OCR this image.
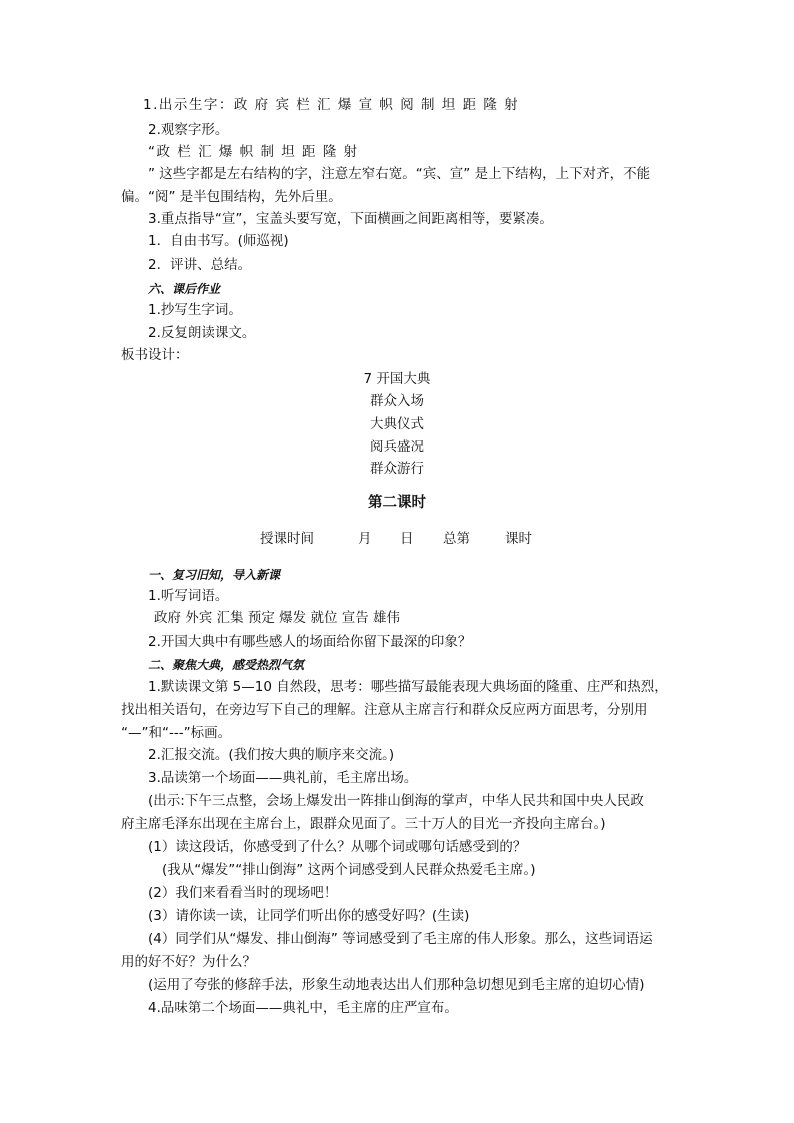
1.出示生字：政 府 宾 栏 汇 爆 宣 帜 阅 制 坦 距 隆 射
2.观察字形。
“政 栏 汇 爆 帜 制 坦 距 隆 射
” 这些字都是左右结构的字，注意左窄右宽。“宾、宣” 是上下结构，上下对齐，不能
偏。“阅” 是半包围结构，先外后里。
3.重点指导“宣”，宝盖头要写宽，下面横画之间距离相等，要紧凑。
1．自由书写。(师巡视)
2．评讲、总结。
六、课后作业
1.抄写生字词。
2.反复朗读课文。
板书设计：
7 开国大典
群众入场
大典仪式
阅兵盛况
群众游行
第二课时
授课时间	月 日 总第	课时
一、复习旧知，导入新课
1.听写词语。
政府 外宾 汇集 预定 爆发 就位 宣告 雄伟
2.开国大典中有哪些感人的场面给你留下最深的印象？
二、聚焦大典，感受热烈气氛
1.默读课文第 5—10 自然段，思考：哪些描写最能表现大典场面的隆重、庄严和热烈，
找出相关语句，在旁边写下自己的理解。注意从主席言行和群众反应两方面思考，分别用
“—”和“---”标画。
2.汇报交流。(我们按大典的顺序来交流。)
3.品读第一个场面——典礼前，毛主席出场。
(出示:下午三点整，会场上爆发出一阵排山倒海的掌声，中华人民共和国中央人民政
府主席毛泽东出现在主席台上，跟群众见面了。三十万人的目光一齐投向主席台。)
(1）读这段话，你感受到了什么？从哪个词或哪句话感受到的？
(我从“爆发”“排山倒海” 这两个词感受到人民群众热爱毛主席。)
(2）我们来看看当时的现场吧！
(3）请你读一读，让同学们听出你的感受好吗？(生读)
(4）同学们从“爆发、排山倒海” 等词感受到了毛主席的伟人形象。那么，这些词语运
用的好不好？为什么？
(运用了夸张的修辞手法，形象生动地表达出人们那种急切想见到毛主席的迫切心情)
4.品味第二个场面——典礼中，毛主席的庄严宣布。
